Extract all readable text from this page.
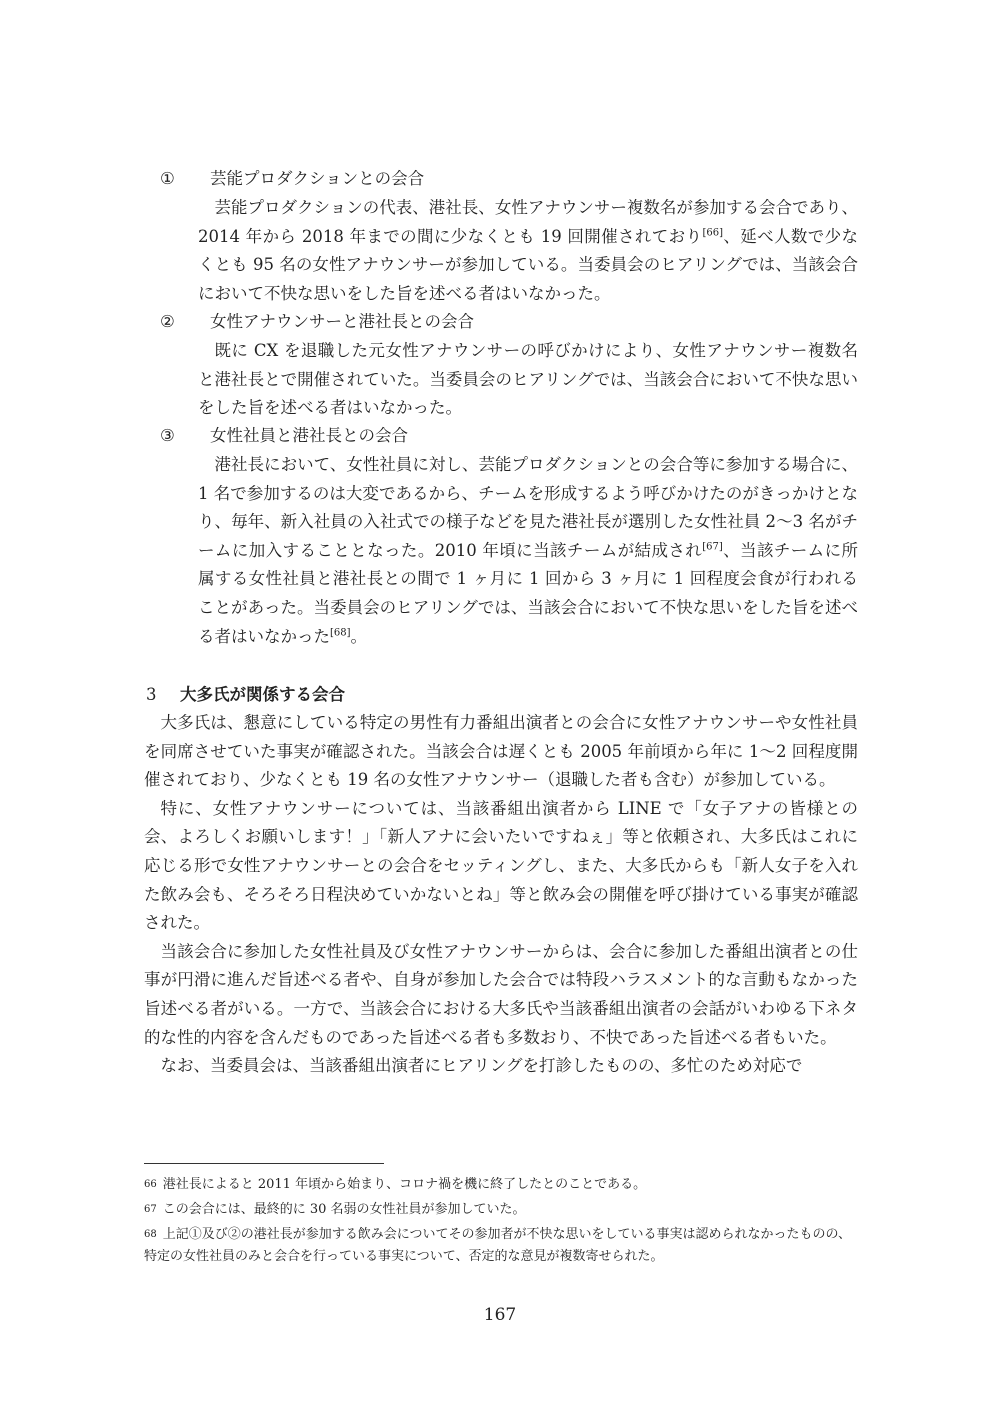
① 芸能プロダクションとの会合

芸能プロダクションの代表、港社長、女性アナウンサー複数名が参加する会合であり、2014 年から 2018 年までの間に少なくとも 19 回開催されており[66]、延べ人数で少なくとも 95 名の女性アナウンサーが参加している。当委員会のヒアリングでは、当該会合において不快な思いをした旨を述べる者はいなかった。

② 女性アナウンサーと港社長との会合

既に CX を退職した元女性アナウンサーの呼びかけにより、女性アナウンサー複数名と港社長とで開催されていた。当委員会のヒアリングでは、当該会合において不快な思いをした旨を述べる者はいなかった。

③ 女性社員と港社長との会合

港社長において、女性社員に対し、芸能プロダクションとの会合等に参加する場合に、1 名で参加するのは大変であるから、チームを形成するよう呼びかけたのがきっかけとなり、毎年、新入社員の入社式での様子などを見た港社長が選別した女性社員 2〜3 名がチームに加入することとなった。2010 年頃に当該チームが結成され[67]、当該チームに所属する女性社員と港社長との間で 1 ヶ月に 1 回から 3 ヶ月に 1 回程度会食が行われることがあった。当委員会のヒアリングでは、当該会合において不快な思いをした旨を述べる者はいなかった[68]。

3 大多氏が関係する会合

大多氏は、懇意にしている特定の男性有力番組出演者との会合に女性アナウンサーや女性社員を同席させていた事実が確認された。当該会合は遅くとも 2005 年前頃から年に 1〜2 回程度開催されており、少なくとも 19 名の女性アナウンサー（退職した者も含む）が参加している。

特に、女性アナウンサーについては、当該番組出演者から LINE で「女子アナの皆様との会、よろしくお願いします！」「新人アナに会いたいですねぇ」等と依頼され、大多氏はこれに応じる形で女性アナウンサーとの会合をセッティングし、また、大多氏からも「新人女子を入れた飲み会も、そろそろ日程決めていかないとね」等と飲み会の開催を呼び掛けている事実が確認された。

当該会合に参加した女性社員及び女性アナウンサーからは、会合に参加した番組出演者との仕事が円滑に進んだ旨述べる者や、自身が参加した会合では特段ハラスメント的な言動もなかった旨述べる者がいる。一方で、当該会合における大多氏や当該番組出演者の会話がいわゆる下ネタ的な性的内容を含んだものであった旨述べる者も多数おり、不快であった旨述べる者もいた。

なお、当委員会は、当該番組出演者にヒアリングを打診したものの、多忙のため対応で

$^{66}$ 港社長によると 2011 年頃から始まり、コロナ禍を機に終了したとのことである。
$^{67}$ この会合には、最終的に 30 名弱の女性社員が参加していた。
$^{68}$ 上記①及び②の港社長が参加する飲み会についてその参加者が不快な思いをしている事実は認められなかったものの、特定の女性社員のみと会合を行っている事実について、否定的な意見が複数寄せられた。
167
